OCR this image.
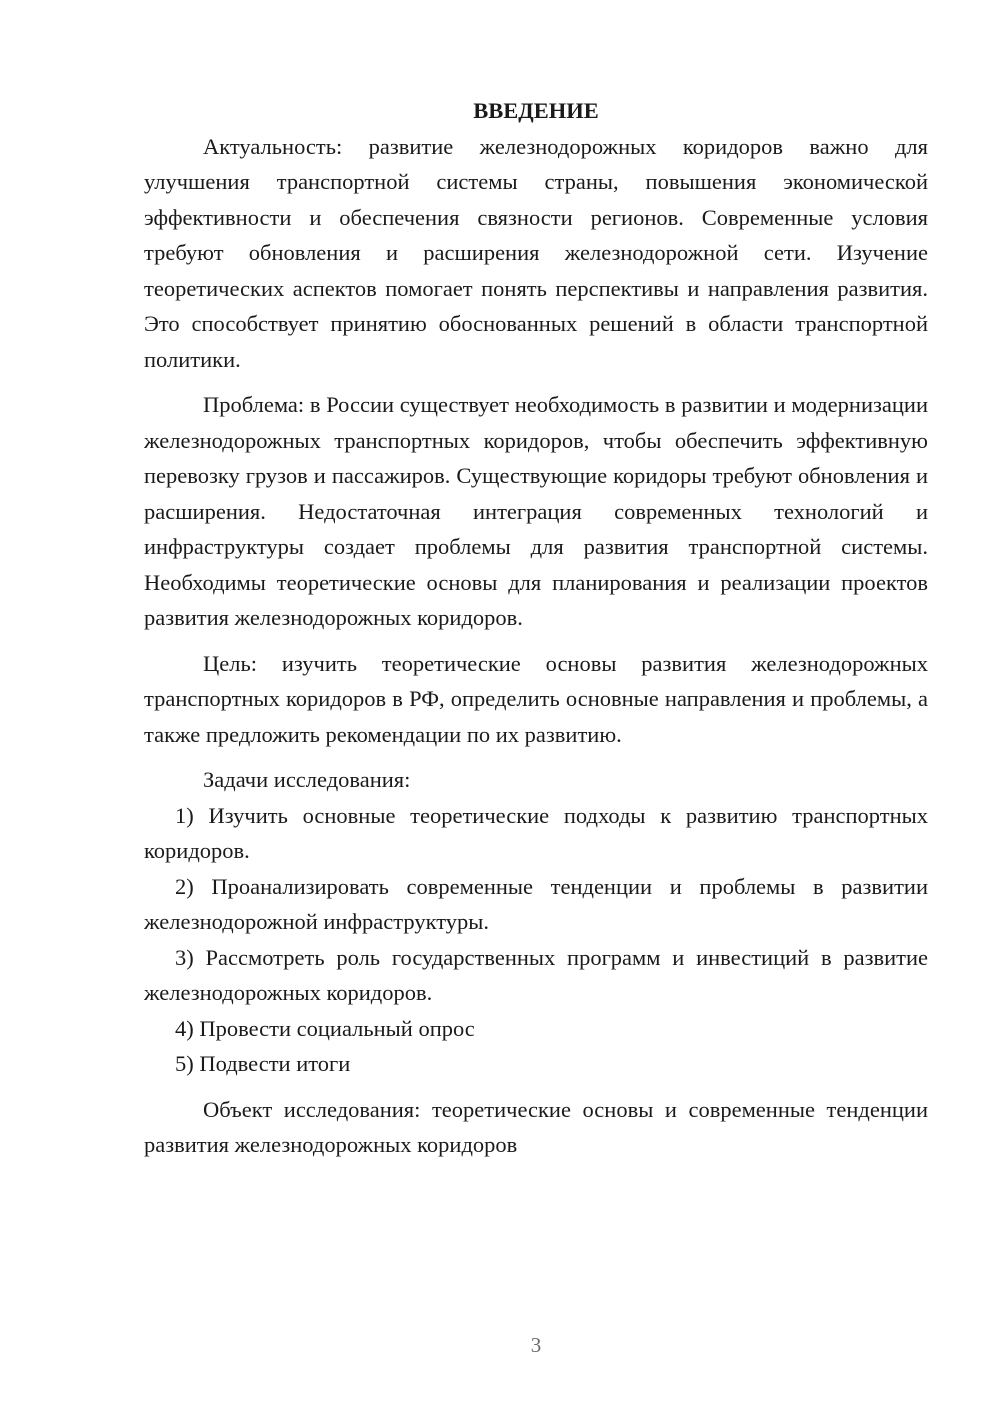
ВВЕДЕНИЕ

Актуальность: развитие железнодорожных коридоров важно для улучшения транспортной системы страны, повышения экономической эффективности и обеспечения связности регионов. Современные условия требуют обновления и расширения железнодорожной сети. Изучение теоретических аспектов помогает понять перспективы и направления развития. Это способствует принятию обоснованных решений в области транспортной политики.

Проблема: в России существует необходимость в развитии и модернизации железнодорожных транспортных коридоров, чтобы обеспечить эффективную перевозку грузов и пассажиров. Существующие коридоры требуют обновления и расширения. Недостаточная интеграция современных технологий и инфраструктуры создает проблемы для развития транспортной системы. Необходимы теоретические основы для планирования и реализации проектов развития железнодорожных коридоров.

Цель: изучить теоретические основы развития железнодорожных транспортных коридоров в РФ, определить основные направления и проблемы, а также предложить рекомендации по их развитию.

Задачи исследования:

1) Изучить основные теоретические подходы к развитию транспортных коридоров.

2) Проанализировать современные тенденции и проблемы в развитии железнодорожной инфраструктуры.

3) Рассмотреть роль государственных программ и инвестиций в развитие железнодорожных коридоров.

4) Провести социальный опрос

5) Подвести итоги

Объект исследования: теоретические основы и современные тенденции развития железнодорожных коридоров

3
